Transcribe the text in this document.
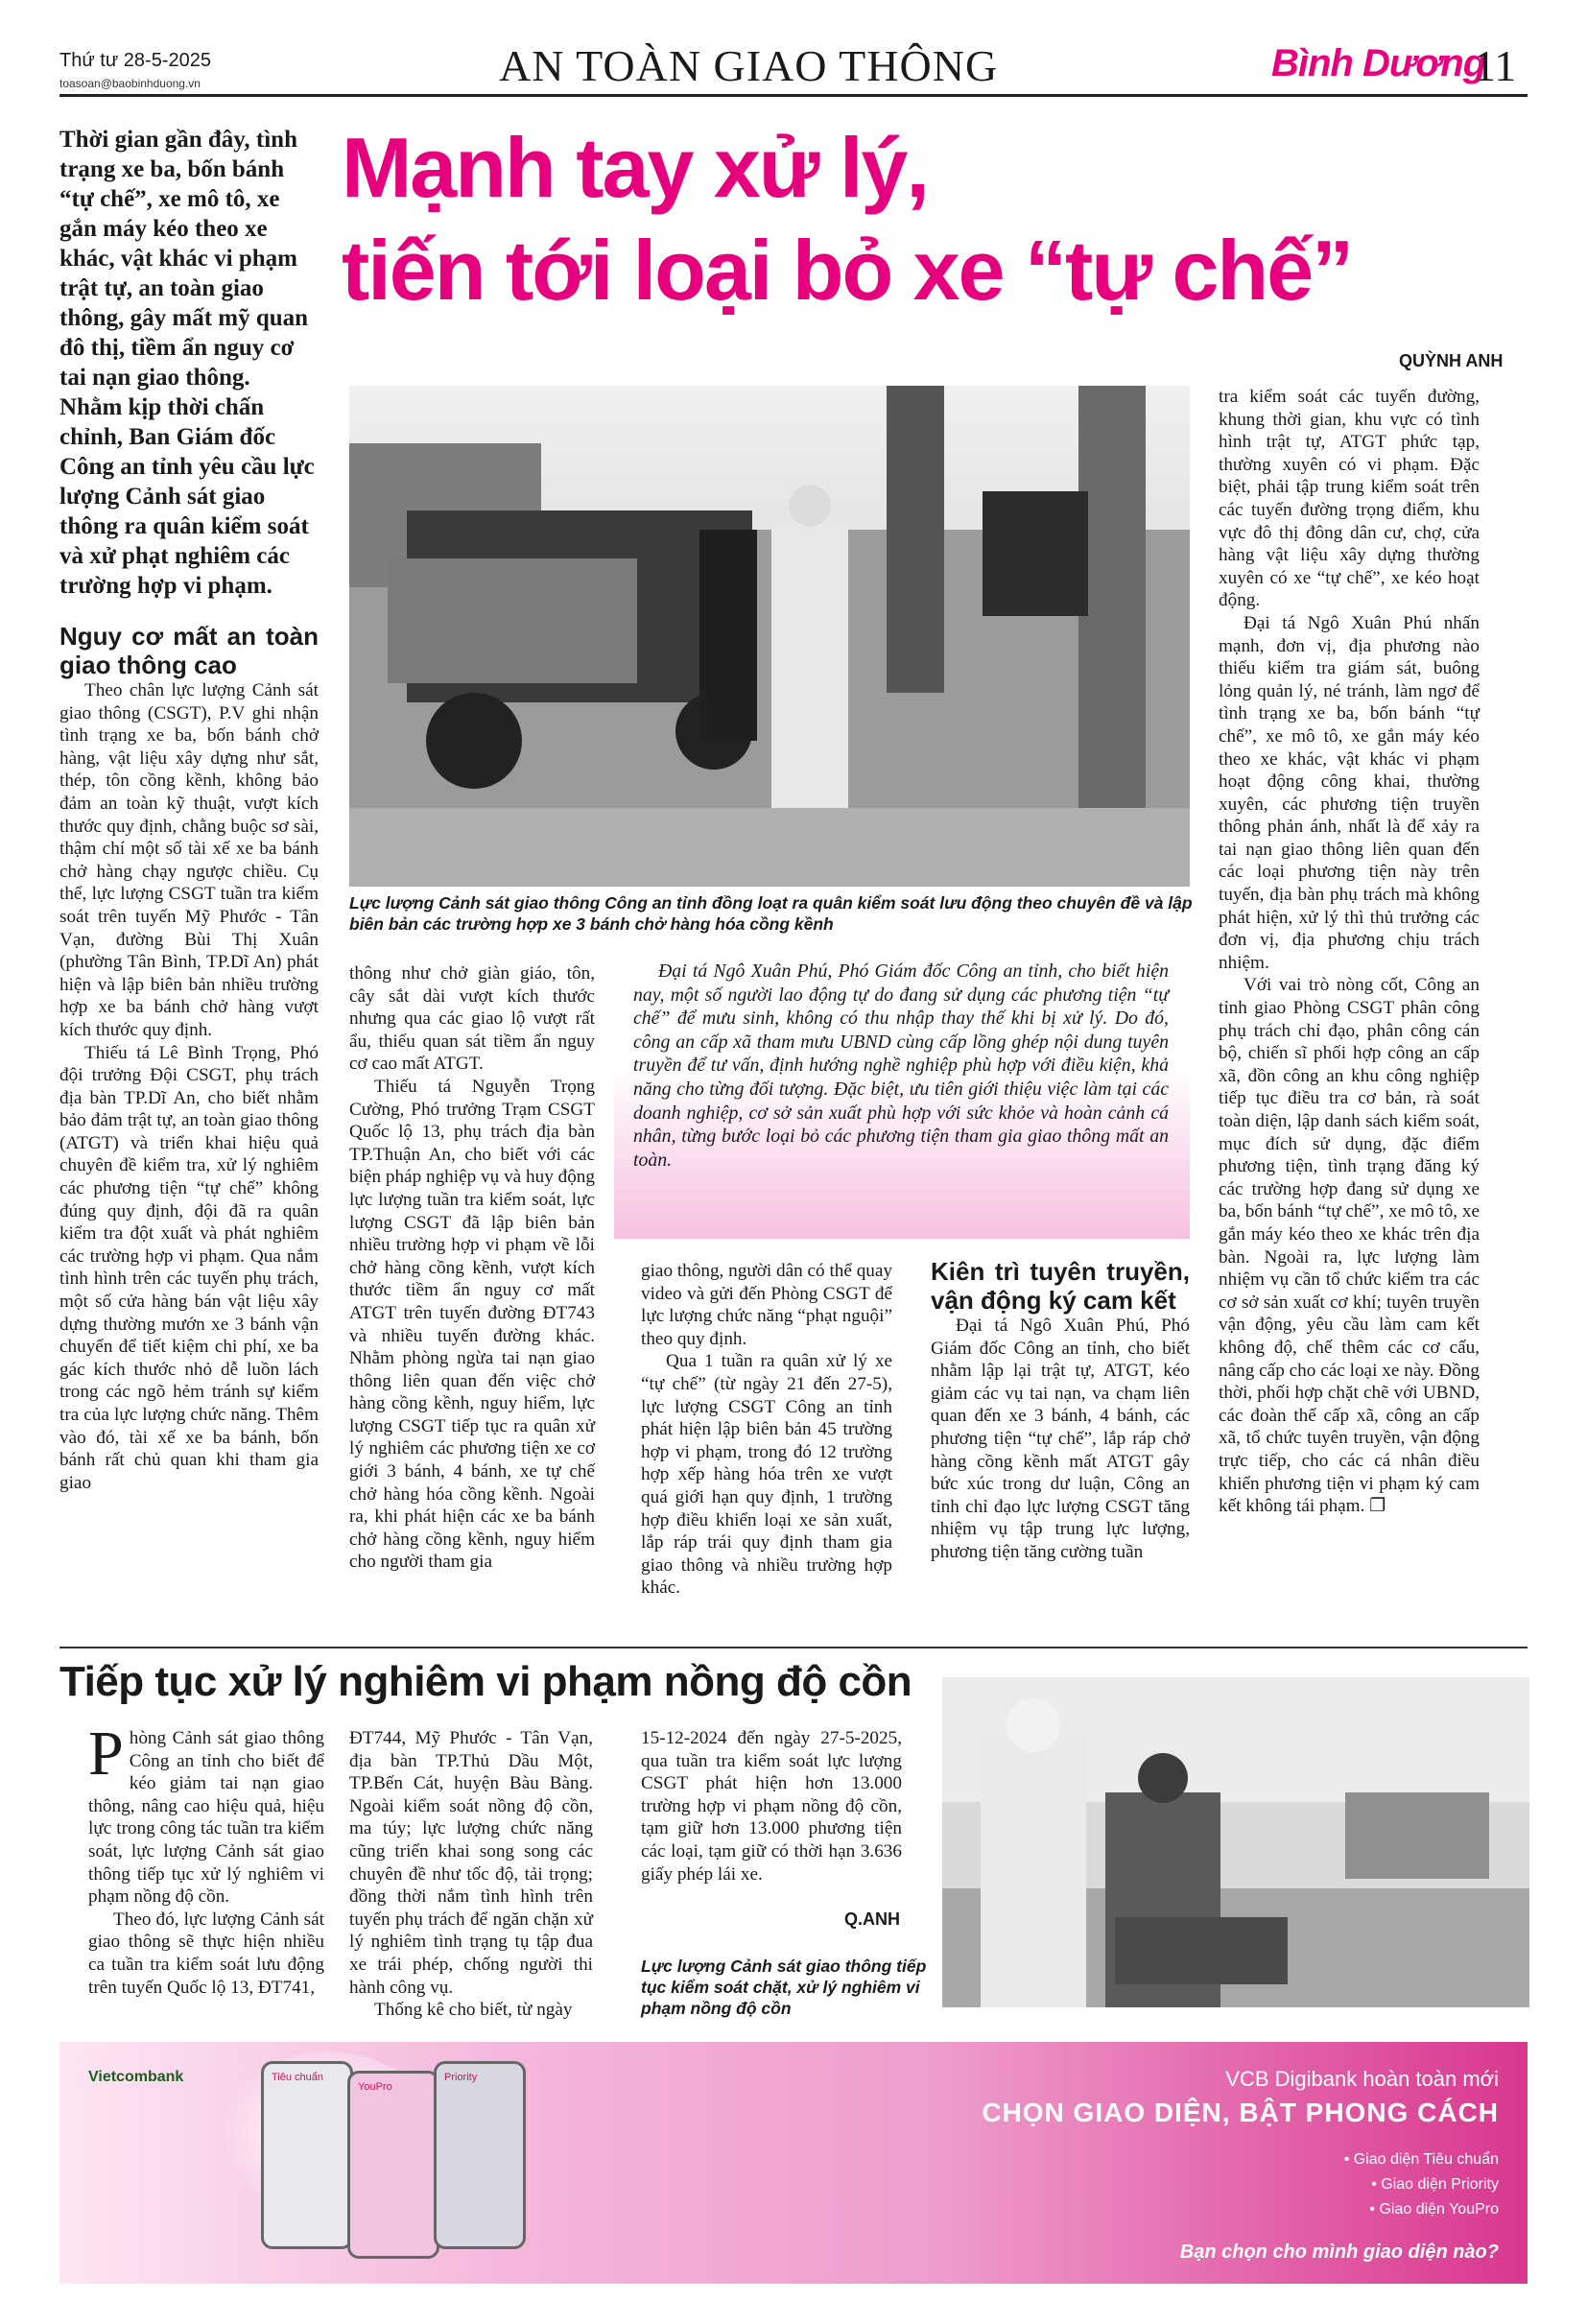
Thứ tư 28-5-2025
toasoan@baobinhduong.vn	AN TOÀN GIAO THÔNG	Bình Dương
11
Thời gian gần đây, tình trạng xe ba, bốn bánh “tự chế”, xe mô tô, xe gắn máy kéo theo xe khác, vật khác vi phạm trật tự, an toàn giao thông, gây mất mỹ quan đô thị, tiềm ẩn nguy cơ tai nạn giao thông. Nhằm kịp thời chấn chỉnh, Ban Giám đốc Công an tỉnh yêu cầu lực lượng Cảnh sát giao thông ra quân kiểm soát và xử phạt nghiêm các trường hợp vi phạm.
Mạnh tay xử lý,
tiến tới loại bỏ xe “tự chế”
QUỲNH ANH
Lực lượng Cảnh sát giao thông Công an tỉnh đồng loạt ra quân kiểm soát lưu động theo chuyên đề và lập biên bản các trường hợp xe 3 bánh chở hàng hóa cồng kềnh

Nguy cơ mất an toàn giao thông cao

Theo chân lực lượng Cảnh sát giao thông (CSGT), P.V ghi nhận tình trạng xe ba, bốn bánh chở hàng, vật liệu xây dựng như sắt, thép, tôn cồng kềnh, không bảo đảm an toàn kỹ thuật, vượt kích thước quy định, chằng buộc sơ sài, thậm chí một số tài xế xe ba bánh chở hàng chạy ngược chiều. Cụ thể, lực lượng CSGT tuần tra kiểm soát trên tuyến Mỹ Phước - Tân Vạn, đường Bùi Thị Xuân (phường Tân Bình, TP.Dĩ An) phát hiện và lập biên bản nhiều trường hợp xe ba bánh chở hàng vượt kích thước quy định.

Thiếu tá Lê Bình Trọng, Phó đội trưởng Đội CSGT, phụ trách địa bàn TP.Dĩ An, cho biết nhằm bảo đảm trật tự, an toàn giao thông (ATGT) và triển khai hiệu quả chuyên đề kiểm tra, xử lý nghiêm các phương tiện “tự chế” không đúng quy định, đội đã ra quân kiểm tra đột xuất và phát nghiêm các trường hợp vi phạm. Qua nắm tình hình trên các tuyến phụ trách, một số cửa hàng bán vật liệu xây dựng thường mướn xe 3 bánh vận chuyển để tiết kiệm chi phí, xe ba gác kích thước nhỏ dễ luồn lách trong các ngõ hẻm tránh sự kiểm tra của lực lượng chức năng. Thêm vào đó, tài xế xe ba bánh, bốn bánh rất chủ quan khi tham gia giao

thông như chở giàn giáo, tôn, cây sắt dài vượt kích thước nhưng qua các giao lộ vượt rất ẩu, thiếu quan sát tiềm ẩn nguy cơ cao mất ATGT.

Thiếu tá Nguyễn Trọng Cường, Phó trưởng Trạm CSGT Quốc lộ 13, phụ trách địa bàn TP.Thuận An, cho biết với các biện pháp nghiệp vụ và huy động lực lượng tuần tra kiểm soát, lực lượng CSGT đã lập biên bản nhiều trường hợp vi phạm về lỗi chở hàng cồng kềnh, vượt kích thước tiềm ẩn nguy cơ mất ATGT trên tuyến đường ĐT743 và nhiều tuyến đường khác. Nhằm phòng ngừa tai nạn giao thông liên quan đến việc chở hàng cồng kềnh, nguy hiểm, lực lượng CSGT tiếp tục ra quân xử lý nghiêm các phương tiện xe cơ giới 3 bánh, 4 bánh, xe tự chế chở hàng hóa cồng kềnh. Ngoài ra, khi phát hiện các xe ba bánh chở hàng cồng kềnh, nguy hiểm cho người tham gia

Đại tá Ngô Xuân Phú, Phó Giám đốc Công an tỉnh, cho biết hiện nay, một số người lao động tự do đang sử dụng các phương tiện “tự chế” để mưu sinh, không có thu nhập thay thế khi bị xử lý. Do đó, công an cấp xã tham mưu UBND cùng cấp lồng ghép nội dung tuyên truyền để tư vấn, định hướng nghề nghiệp phù hợp với điều kiện, khả năng cho từng đối tượng. Đặc biệt, ưu tiên giới thiệu việc làm tại các doanh nghiệp, cơ sở sản xuất phù hợp với sức khỏe và hoàn cảnh cá nhân, từng bước loại bỏ các phương tiện tham gia giao thông mất an toàn.

giao thông, người dân có thể quay video và gửi đến Phòng CSGT để lực lượng chức năng “phạt nguội” theo quy định.

Qua 1 tuần ra quân xử lý xe “tự chế” (từ ngày 21 đến 27-5), lực lượng CSGT Công an tỉnh phát hiện lập biên bản 45 trường hợp vi phạm, trong đó 12 trường hợp xếp hàng hóa trên xe vượt quá giới hạn quy định, 1 trường hợp điều khiển loại xe sản xuất, lắp ráp trái quy định tham gia giao thông và nhiều trường hợp khác.

Kiên trì tuyên truyền, vận động ký cam kết

Đại tá Ngô Xuân Phú, Phó Giám đốc Công an tỉnh, cho biết nhằm lập lại trật tự, ATGT, kéo giảm các vụ tai nạn, va chạm liên quan đến xe 3 bánh, 4 bánh, các phương tiện “tự chế”, lắp ráp chở hàng cồng kềnh mất ATGT gây bức xúc trong dư luận, Công an tỉnh chỉ đạo lực lượng CSGT tăng nhiệm vụ tập trung lực lượng, phương tiện tăng cường tuần

tra kiểm soát các tuyến đường, khung thời gian, khu vực có tình hình trật tự, ATGT phức tạp, thường xuyên có vi phạm. Đặc biệt, phải tập trung kiểm soát trên các tuyến đường trọng điểm, khu vực đô thị đông dân cư, chợ, cửa hàng vật liệu xây dựng thường xuyên có xe “tự chế”, xe kéo hoạt động.

Đại tá Ngô Xuân Phú nhấn mạnh, đơn vị, địa phương nào thiếu kiểm tra giám sát, buông lỏng quản lý, né tránh, làm ngơ để tình trạng xe ba, bốn bánh “tự chế”, xe mô tô, xe gắn máy kéo theo xe khác, vật khác vi phạm hoạt động công khai, thường xuyên, các phương tiện truyền thông phản ánh, nhất là để xảy ra tai nạn giao thông liên quan đến các loại phương tiện này trên tuyến, địa bàn phụ trách mà không phát hiện, xử lý thì thủ trưởng các đơn vị, địa phương chịu trách nhiệm.

Với vai trò nòng cốt, Công an tỉnh giao Phòng CSGT phân công phụ trách chỉ đạo, phân công cán bộ, chiến sĩ phối hợp công an cấp xã, đồn công an khu công nghiệp tiếp tục điều tra cơ bản, rà soát toàn diện, lập danh sách kiểm soát, mục đích sử dụng, đặc điểm phương tiện, tình trạng đăng ký các trường hợp đang sử dụng xe ba, bốn bánh “tự chế”, xe mô tô, xe gắn máy kéo theo xe khác trên địa bàn. Ngoài ra, lực lượng làm nhiệm vụ cần tổ chức kiểm tra các cơ sở sản xuất cơ khí; tuyên truyền vận động, yêu cầu làm cam kết không độ, chế thêm các cơ cấu, nâng cấp cho các loại xe này. Đồng thời, phối hợp chặt chẽ với UBND, các đoàn thể cấp xã, công an cấp xã, tổ chức tuyên truyền, vận động trực tiếp, cho các cá nhân điều khiển phương tiện vi phạm ký cam kết không tái phạm. ❐

Tiếp tục xử lý nghiêm vi phạm nồng độ cồn

Phòng Cảnh sát giao thông Công an tỉnh cho biết để kéo giảm tai nạn giao thông, nâng cao hiệu quả, hiệu lực trong công tác tuần tra kiểm soát, lực lượng Cảnh sát giao thông tiếp tục xử lý nghiêm vi phạm nồng độ cồn.

Theo đó, lực lượng Cảnh sát giao thông sẽ thực hiện nhiều ca tuần tra kiểm soát lưu động trên tuyến Quốc lộ 13, ĐT741,

ĐT744, Mỹ Phước - Tân Vạn, địa bàn TP.Thủ Dầu Một, TP.Bến Cát, huyện Bàu Bàng. Ngoài kiểm soát nồng độ cồn, ma túy; lực lượng chức năng cũng triển khai song song các chuyên đề như tốc độ, tải trọng; đồng thời nắm tình hình trên tuyến phụ trách để ngăn chặn xử lý nghiêm tình trạng tụ tập đua xe trái phép, chống người thi hành công vụ.

Thống kê cho biết, từ ngày

15-12-2024 đến ngày 27-5-2025, qua tuần tra kiểm soát lực lượng CSGT phát hiện hơn 13.000 trường hợp vi phạm nồng độ cồn, tạm giữ hơn 13.000 phương tiện các loại, tạm giữ có thời hạn 3.636 giấy phép lái xe.

Q.ANH
Lực lượng Cảnh sát giao thông tiếp tục kiểm soát chặt, xử lý nghiêm vi phạm nồng độ cồn
Vietcombank	Tiêu chuẩn
YouPro
Priority	VCB Digibank hoàn toàn mới
CHỌN GIAO DIỆN, BẬT PHONG CÁCH
• Giao diện Tiêu chuẩn
• Giao diện Priority
• Giao diện YouPro
Bạn chọn cho mình giao diện nào?
